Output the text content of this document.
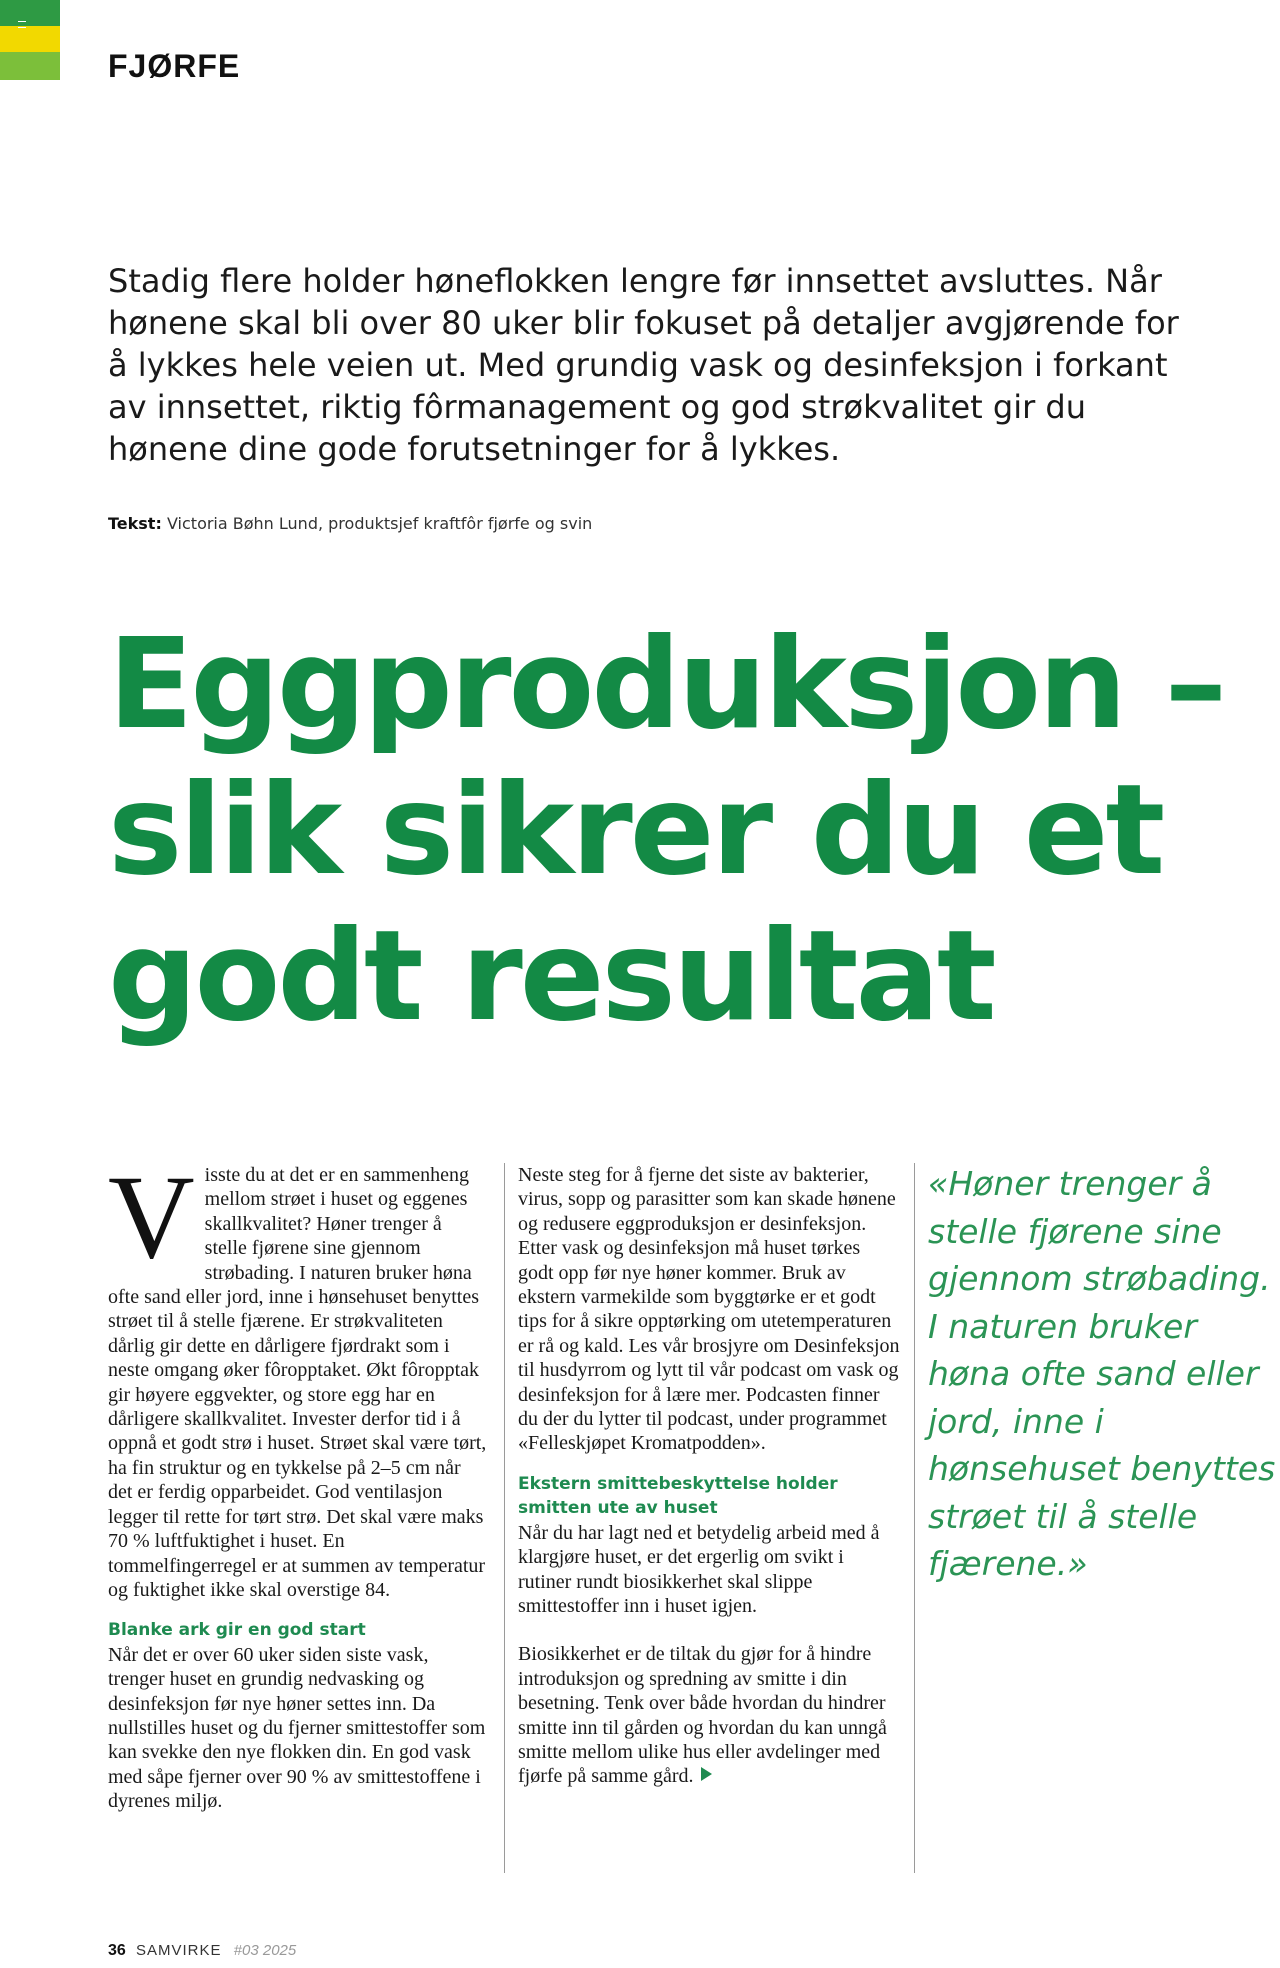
FJØRFE
Stadig flere holder høneflokken lengre før innsettet avsluttes. Når hønene skal bli over 80 uker blir fokuset på detaljer avgjørende for å lykkes hele veien ut. Med grundig vask og desinfeksjon i forkant av innsettet, riktig fôrmanagement og god strøkvalitet gir du hønene dine gode forutsetninger for å lykkes.
Tekst: Victoria Bøhn Lund, produktsjef kraftfôr fjørfe og svin
Eggproduksjon – slik sikrer du et godt resultat
V isste du at det er en sammenheng mellom strøet i huset og eggenes skallkvalitet? Høner trenger å stelle fjørene sine gjennom strøbading. I naturen bruker høna ofte sand eller jord, inne i hønsehuset benyttes strøet til å stelle fjærene. Er strøkvaliteten dårlig gir dette en dårligere fjørdrakt som i neste omgang øker fôropptaket. Økt fôropptak gir høyere eggvekter, og store egg har en dårligere skallkvalitet. Invester derfor tid i å oppnå et godt strø i huset. Strøet skal være tørt, ha fin struktur og en tykkelse på 2–5 cm når det er ferdig opparbeidet. God ventilasjon legger til rette for tørt strø. Det skal være maks 70 % luftfuktighet i huset. En tommelfingerregel er at summen av temperatur og fuktighet ikke skal overstige 84.

Blanke ark gir en god start

Når det er over 60 uker siden siste vask, trenger huset en grundig nedvasking og desinfeksjon før nye høner settes inn. Da nullstilles huset og du fjerner smittestoffer som kan svekke den nye flokken din. En god vask med såpe fjerner over 90 % av smittestoffene i dyrenes miljø.

Neste steg for å fjerne det siste av bakterier, virus, sopp og parasitter som kan skade hønene og redusere eggproduksjon er desinfeksjon. Etter vask og desinfeksjon må huset tørkes godt opp før nye høner kommer. Bruk av ekstern varmekilde som byggtørke er et godt tips for å sikre opptørking om utetemperaturen er rå og kald. Les vår brosjyre om Desinfeksjon til husdyrrom og lytt til vår podcast om vask og desinfeksjon for å lære mer. Podcasten finner du der du lytter til podcast, under programmet «Felleskjøpet Kromatpodden».

Ekstern smittebeskyttelse holder smitten ute av huset

Når du har lagt ned et betydelig arbeid med å klargjøre huset, er det ergerlig om svikt i rutiner rundt biosikkerhet skal slippe smittestoffer inn i huset igjen.

Biosikkerhet er de tiltak du gjør for å hindre introduksjon og spredning av smitte i din besetning. Tenk over både hvordan du hindrer smitte inn til gården og hvordan du kan unngå smitte mellom ulike hus eller avdelinger med fjørfe på samme gård.

«Høner trenger å stelle fjørene sine gjennom strøbading. I naturen bruker høna ofte sand eller jord, inne i hønsehuset benyttes strøet til å stelle fjærene.»
36 SAMVIRKE #03 2025
